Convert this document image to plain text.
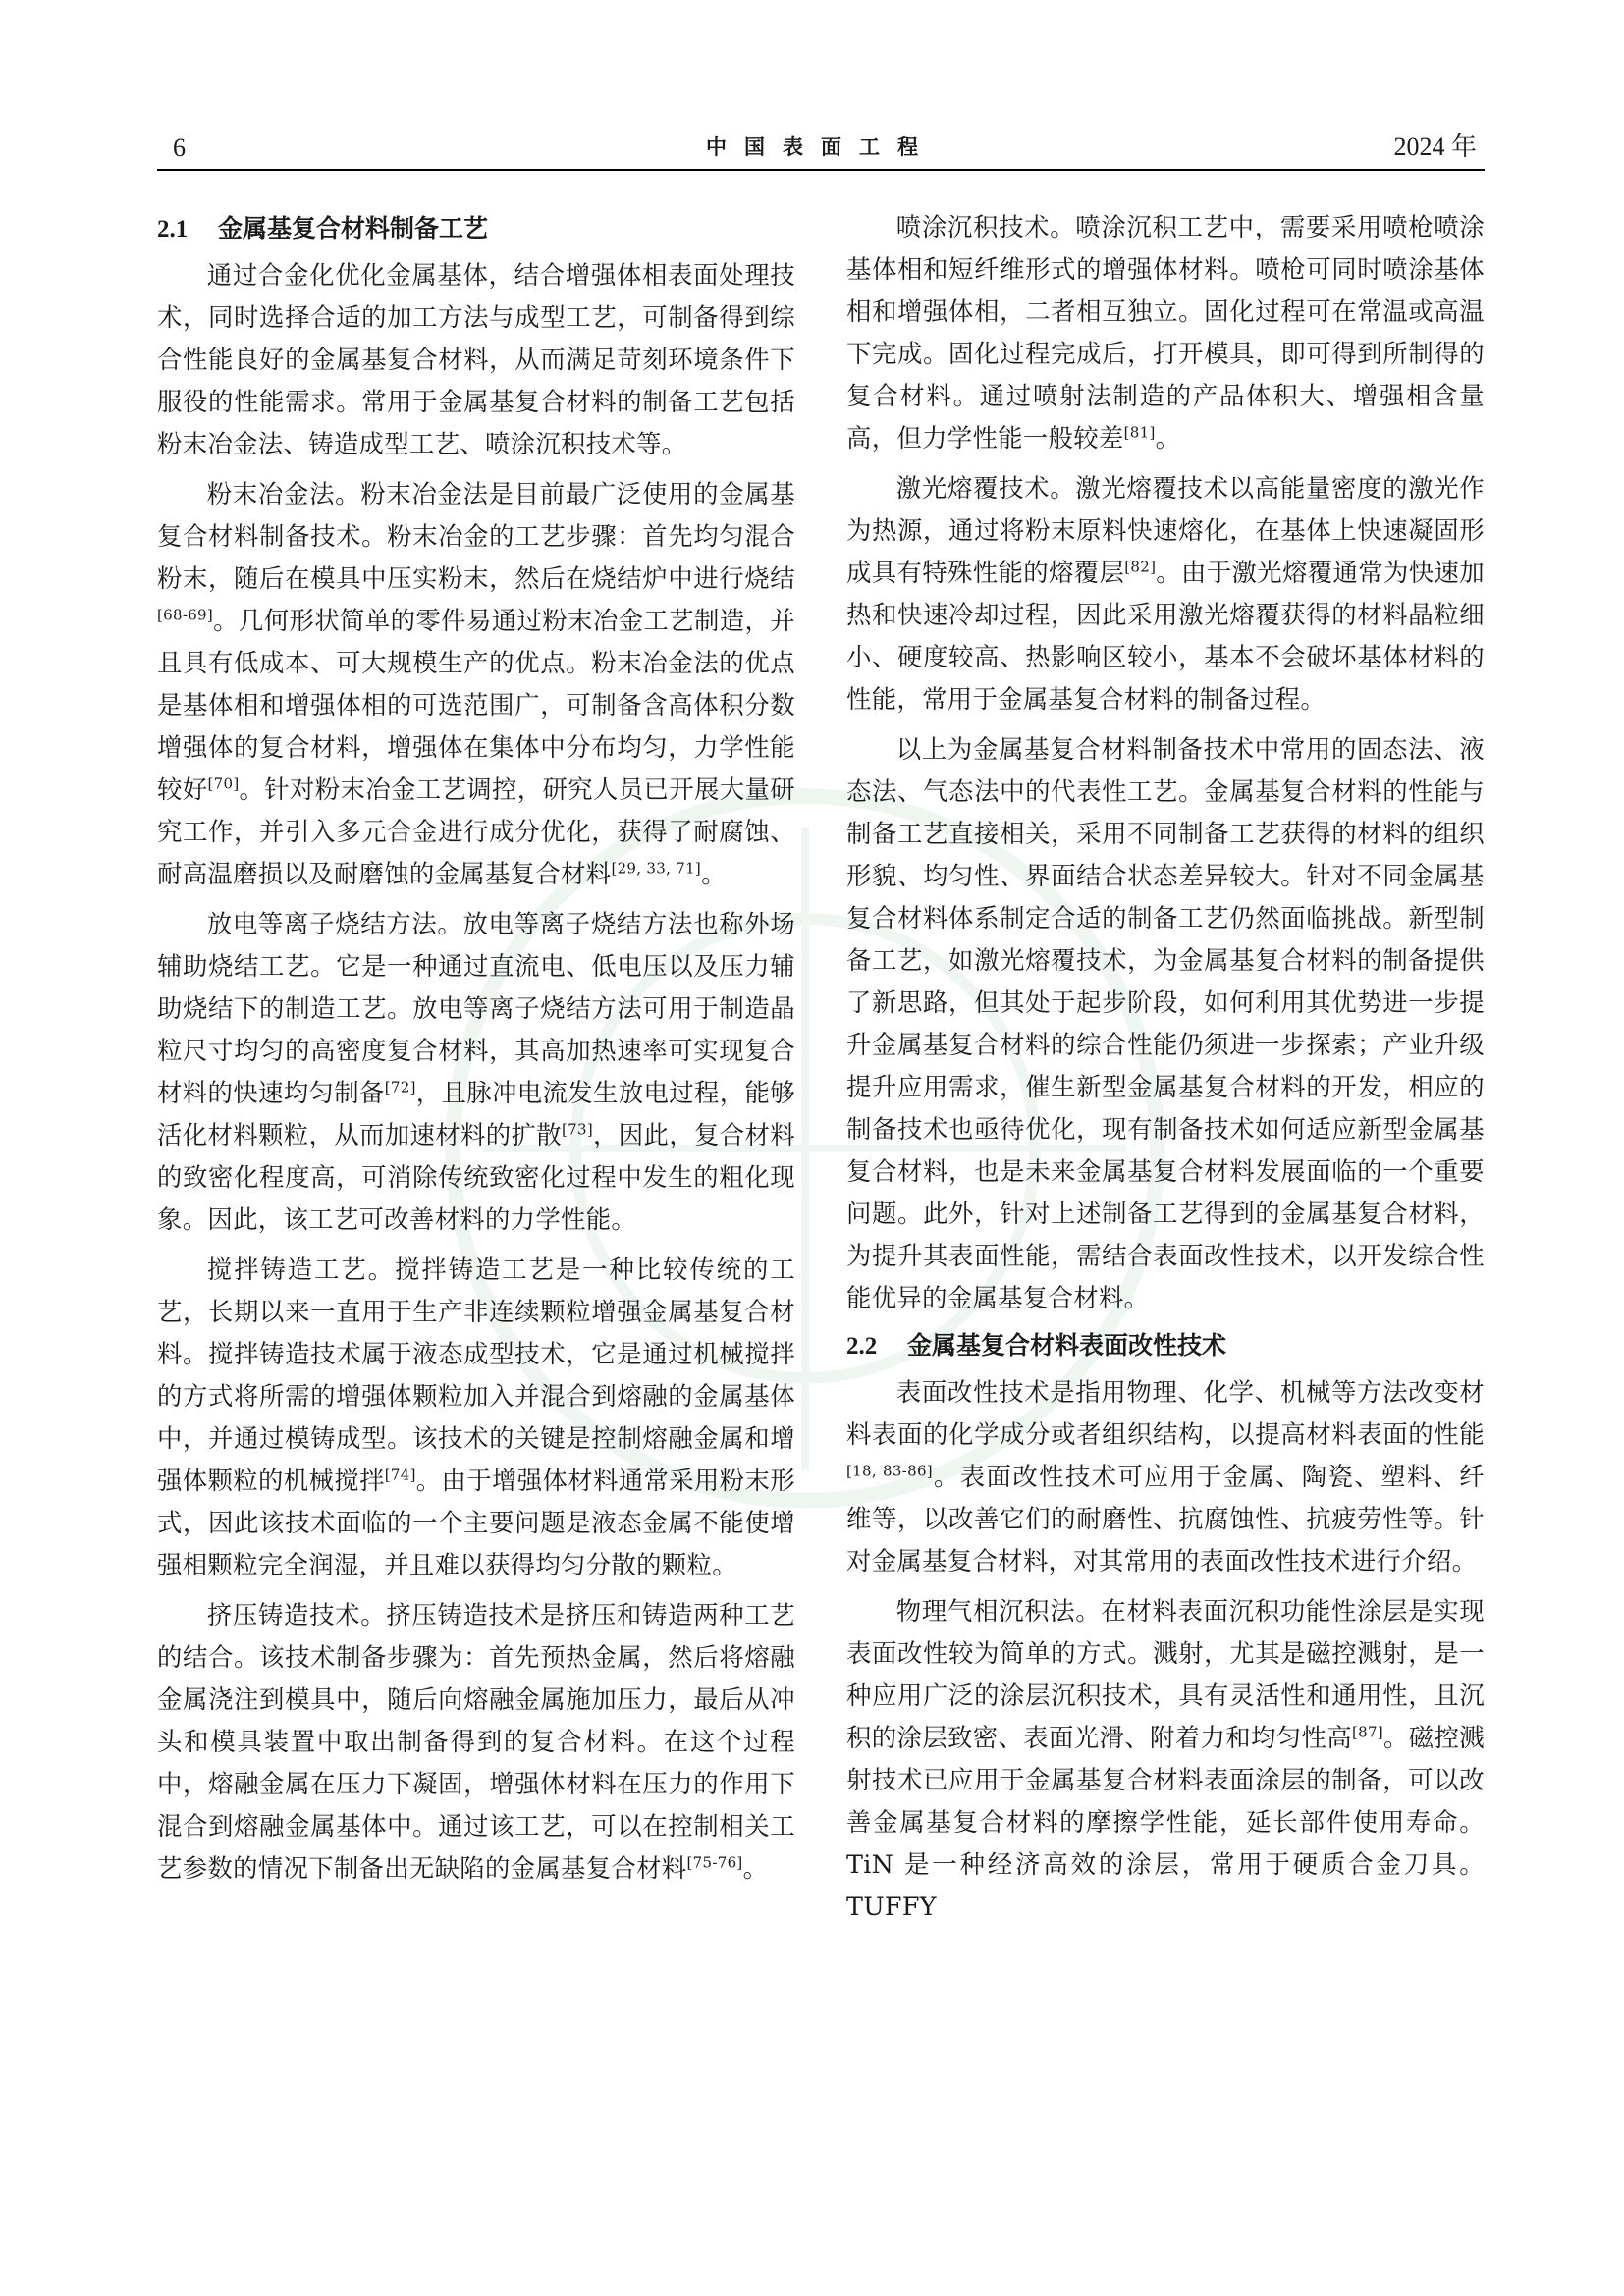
6	中国表面工程	2024 年
2.1 金属基复合材料制备工艺

通过合金化优化金属基体，结合增强体相表面处理技术，同时选择合适的加工方法与成型工艺，可制备得到综合性能良好的金属基复合材料，从而满足苛刻环境条件下服役的性能需求。常用于金属基复合材料的制备工艺包括粉末冶金法、铸造成型工艺、喷涂沉积技术等。

粉末冶金法。粉末冶金法是目前最广泛使用的金属基复合材料制备技术。粉末冶金的工艺步骤：首先均匀混合粉末，随后在模具中压实粉末，然后在烧结炉中进行烧结[68-69]。几何形状简单的零件易通过粉末冶金工艺制造，并且具有低成本、可大规模生产的优点。粉末冶金法的优点是基体相和增强体相的可选范围广，可制备含高体积分数增强体的复合材料，增强体在集体中分布均匀，力学性能较好[70]。针对粉末冶金工艺调控，研究人员已开展大量研究工作，并引入多元合金进行成分优化，获得了耐腐蚀、耐高温磨损以及耐磨蚀的金属基复合材料[29, 33, 71]。

放电等离子烧结方法。放电等离子烧结方法也称外场辅助烧结工艺。它是一种通过直流电、低电压以及压力辅助烧结下的制造工艺。放电等离子烧结方法可用于制造晶粒尺寸均匀的高密度复合材料，其高加热速率可实现复合材料的快速均匀制备[72]，且脉冲电流发生放电过程，能够活化材料颗粒，从而加速材料的扩散[73]，因此，复合材料的致密化程度高，可消除传统致密化过程中发生的粗化现象。因此，该工艺可改善材料的力学性能。

搅拌铸造工艺。搅拌铸造工艺是一种比较传统的工艺，长期以来一直用于生产非连续颗粒增强金属基复合材料。搅拌铸造技术属于液态成型技术，它是通过机械搅拌的方式将所需的增强体颗粒加入并混合到熔融的金属基体中，并通过模铸成型。该技术的关键是控制熔融金属和增强体颗粒的机械搅拌[74]。由于增强体材料通常采用粉末形式，因此该技术面临的一个主要问题是液态金属不能使增强相颗粒完全润湿，并且难以获得均匀分散的颗粒。

挤压铸造技术。挤压铸造技术是挤压和铸造两种工艺的结合。该技术制备步骤为：首先预热金属，然后将熔融金属浇注到模具中，随后向熔融金属施加压力，最后从冲头和模具装置中取出制备得到的复合材料。在这个过程中，熔融金属在压力下凝固，增强体材料在压力的作用下混合到熔融金属基体中。通过该工艺，可以在控制相关工艺参数的情况下制备出无缺陷的金属基复合材料[75-76]。

喷涂沉积技术。喷涂沉积工艺中，需要采用喷枪喷涂基体相和短纤维形式的增强体材料。喷枪可同时喷涂基体相和增强体相，二者相互独立。固化过程可在常温或高温下完成。固化过程完成后，打开模具，即可得到所制得的复合材料。通过喷射法制造的产品体积大、增强相含量高，但力学性能一般较差[81]。

激光熔覆技术。激光熔覆技术以高能量密度的激光作为热源，通过将粉末原料快速熔化，在基体上快速凝固形成具有特殊性能的熔覆层[82]。由于激光熔覆通常为快速加热和快速冷却过程，因此采用激光熔覆获得的材料晶粒细小、硬度较高、热影响区较小，基本不会破坏基体材料的性能，常用于金属基复合材料的制备过程。

以上为金属基复合材料制备技术中常用的固态法、液态法、气态法中的代表性工艺。金属基复合材料的性能与制备工艺直接相关，采用不同制备工艺获得的材料的组织形貌、均匀性、界面结合状态差异较大。针对不同金属基复合材料体系制定合适的制备工艺仍然面临挑战。新型制备工艺，如激光熔覆技术，为金属基复合材料的制备提供了新思路，但其处于起步阶段，如何利用其优势进一步提升金属基复合材料的综合性能仍须进一步探索；产业升级提升应用需求，催生新型金属基复合材料的开发，相应的制备技术也亟待优化，现有制备技术如何适应新型金属基复合材料，也是未来金属基复合材料发展面临的一个重要问题。此外，针对上述制备工艺得到的金属基复合材料，为提升其表面性能，需结合表面改性技术，以开发综合性能优异的金属基复合材料。

2.2 金属基复合材料表面改性技术

表面改性技术是指用物理、化学、机械等方法改变材料表面的化学成分或者组织结构，以提高材料表面的性能[18, 83-86]。表面改性技术可应用于金属、陶瓷、塑料、纤维等，以改善它们的耐磨性、抗腐蚀性、抗疲劳性等。针对金属基复合材料，对其常用的表面改性技术进行介绍。

物理气相沉积法。在材料表面沉积功能性涂层是实现表面改性较为简单的方式。溅射，尤其是磁控溅射，是一种应用广泛的涂层沉积技术，具有灵活性和通用性，且沉积的涂层致密、表面光滑、附着力和均匀性高[87]。磁控溅射技术已应用于金属基复合材料表面涂层的制备，可以改善金属基复合材料的摩擦学性能，延长部件使用寿命。TiN 是一种经济高效的涂层，常用于硬质合金刀具。TUFFY
